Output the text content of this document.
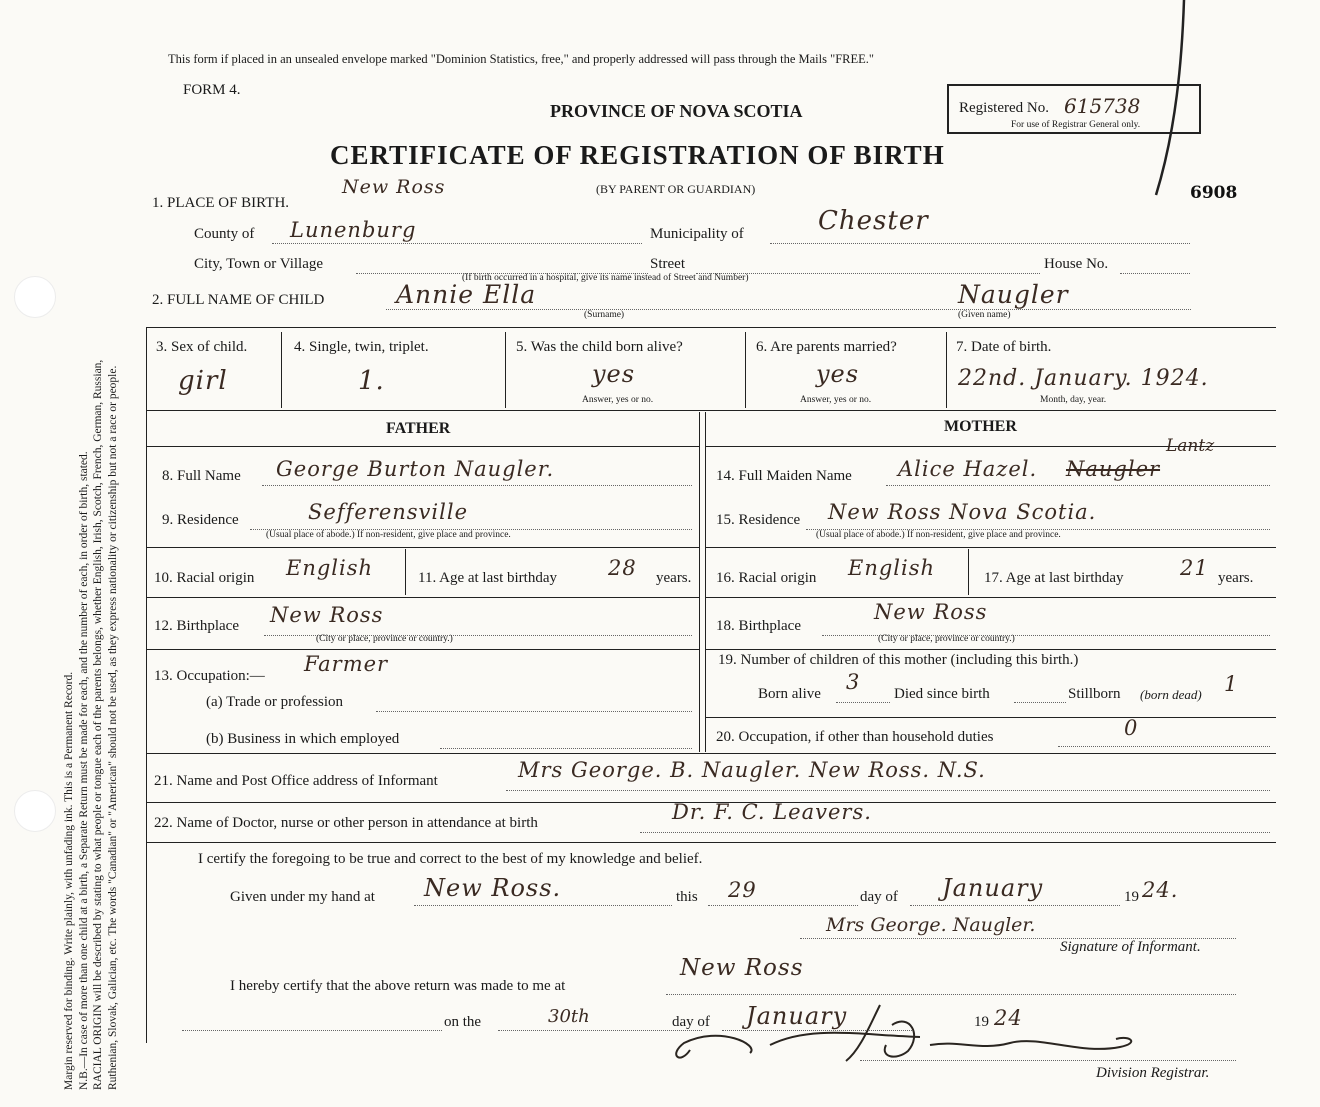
Margin reserved for binding. Write plainly, with unfading ink. This is a Permanent Record. N.B.—In case of more than one child at a birth, a Separate Return must be made for each, and the number of each, in order of birth, stated. RACIAL ORIGIN will be described by stating to what people or tongue each of the parents belongs, whether English, Irish, Scotch, French, German, Russian, Ruthenian, Slovak, Galician, etc. The words "Canadian" or "American" should not be used, as they express nationality or citizenship but not a race or people.
This form if placed in an unsealed envelope marked "Dominion Statistics, free," and properly addressed will pass through the Mails "FREE."
FORM 4.
PROVINCE OF NOVA SCOTIA	Registered No. 615738
For use of Registrar General only.
CERTIFICATE OF REGISTRATION OF BIRTH
(BY PARENT OR GUARDIAN)	6908
1. PLACE OF BIRTH.
New Ross
County of Lunenburg	Municipality of	Chester
City, Town or Village	Street	House No.
(If birth occurred in a hospital, give its name instead of Street and Number)
2. FULL NAME OF CHILD	Annie Ella	Naugler
(Surname)	(Given name)
3. Sex of child.
girl
4. Single, twin, triplet.
1.
5. Was the child born alive?
yes
Answer, yes or no.
6. Are parents married?
yes
Answer, yes or no.
7. Date of birth.
22nd. January. 1924.
Month, day, year.
FATHER	MOTHER
8. Full Name George Burton Naugler.	14. Full Maiden Name Alice Hazel. Naugler
Lantz
9. Residence	Sefferensville
(Usual place of abode.) If non-resident, give place and province.
15. Residence New Ross Nova Scotia.
(Usual place of abode.) If non-resident, give place and province.
10. Racial origin English	11. Age at last birthday 28 years. 16. Racial origin English	17. Age at last birthday	21 years.
12. Birthplace New Ross
(City or place, province or country.)
18. Birthplace
New Ross
(City or place, province or country.)
13. Occupation:— Farmer
(a) Trade or profession
(b) Business in which employed
19. Number of children of this mother (including this birth.)
Born alive 3 Died since birth	Stillborn (born dead) 1
20. Occupation, if other than household duties	0
21. Name and Post Office address of Informant	Mrs George. B. Naugler. New Ross. N.S.
22. Name of Doctor, nurse or other person in attendance at birth	Dr. F. C. Leavers.
I certify the foregoing to be true and correct to the best of my knowledge and belief.
Given under my hand at New Ross.	this 29	day of January	19 24.
Mrs George. Naugler.
Signature of Informant.
I hereby certify that the above return was made to me at
New Ross
on the	30th	day of January	19 24
Division Registrar.
